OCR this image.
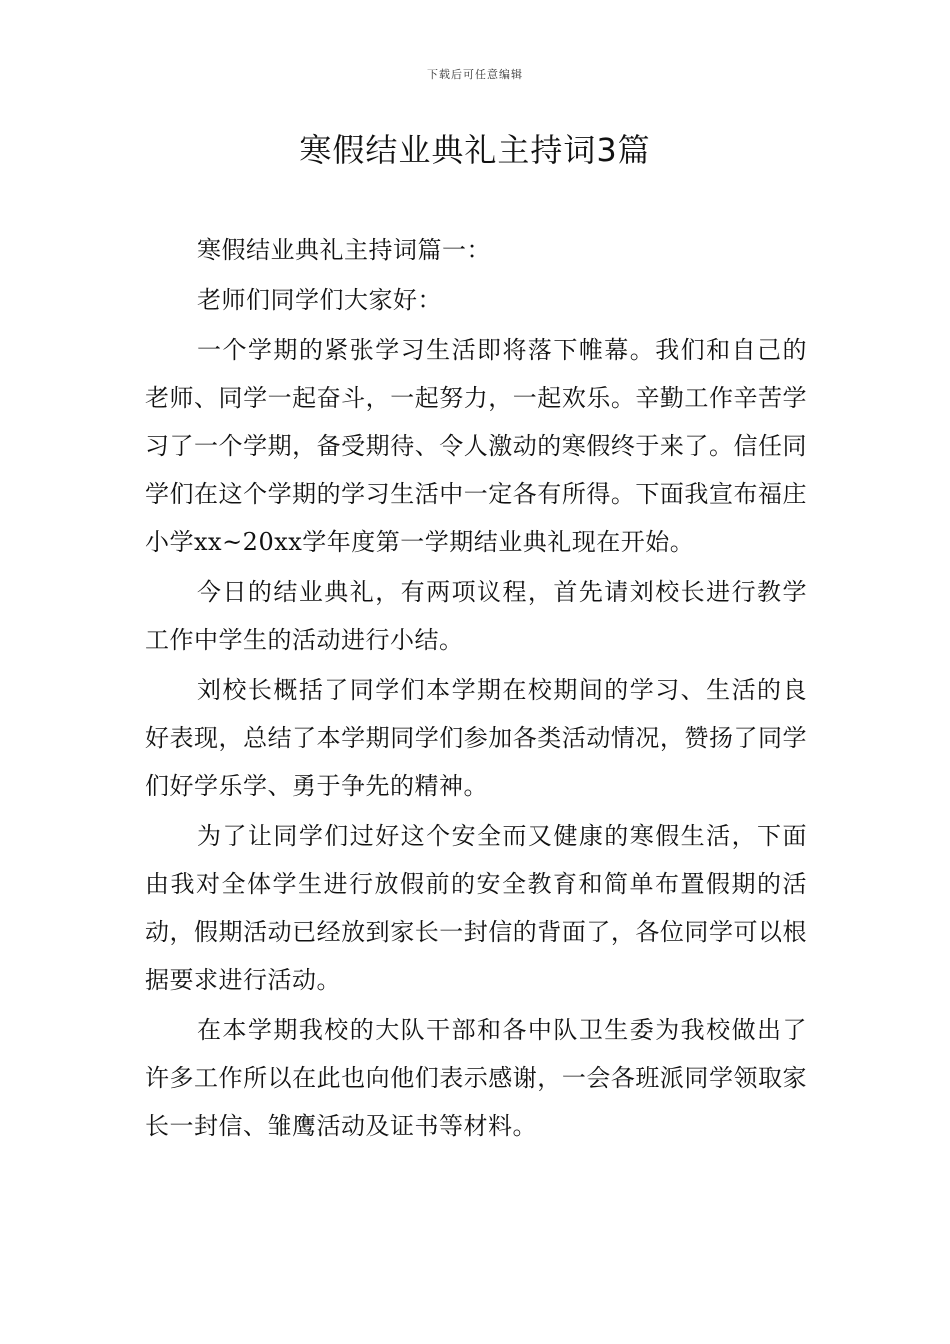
下载后可任意编辑
寒假结业典礼主持词3篇

寒假结业典礼主持词篇一：

老师们同学们大家好：

一个学期的紧张学习生活即将落下帷幕。我们和自己的老师、同学一起奋斗，一起努力，一起欢乐。辛勤工作辛苦学习了一个学期，备受期待、令人激动的寒假终于来了。信任同学们在这个学期的学习生活中一定各有所得。下面我宣布福庄小学xx~20xx学年度第一学期结业典礼现在开始。

今日的结业典礼，有两项议程，首先请刘校长进行教学工作中学生的活动进行小结。

刘校长概括了同学们本学期在校期间的学习、生活的良好表现，总结了本学期同学们参加各类活动情况，赞扬了同学们好学乐学、勇于争先的精神。

为了让同学们过好这个安全而又健康的寒假生活，下面由我对全体学生进行放假前的安全教育和简单布置假期的活动，假期活动已经放到家长一封信的背面了，各位同学可以根据要求进行活动。

在本学期我校的大队干部和各中队卫生委为我校做出了许多工作所以在此也向他们表示感谢，一会各班派同学领取家长一封信、雏鹰活动及证书等材料。
